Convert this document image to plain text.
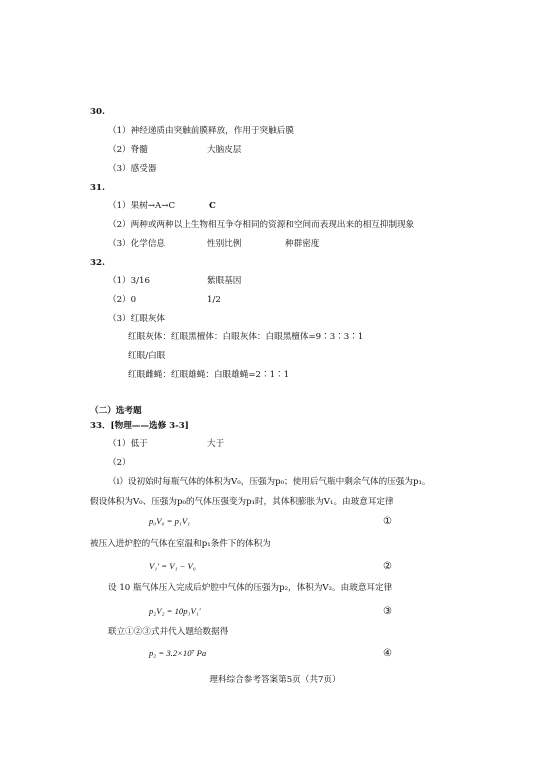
30.
（1）神经递质由突触前膜释放，作用于突触后膜
（2）脊髓	大脑皮层
（3）感受器
31.
（1）果树→A→C	C
（2）两种或两种以上生物相互争夺相同的资源和空间而表现出来的相互抑制现象
（3）化学信息	性别比例	种群密度
32.
（1）3/16	紫眼基因
（2）0	1/2
（3）红眼灰体
红眼灰体：红眼黑檀体：白眼灰体：白眼黑檀体=9∶3∶3∶1
红眼/白眼
红眼雌蝇：红眼雄蝇：白眼雄蝇=2∶1∶1
（二）选考题
33．[物理——选修 3-3]
（1）低于	大于
（2）
（i）设初始时每瓶气体的体积为V₀，压强为p₀；使用后气瓶中剩余气体的压强为p₁。
假设体积为V₀、压强为p₀的气体压强变为p₁时，其体积膨胀为V₁。由玻意耳定律
p₀V₀ = p₁V₁	①
被压入进炉腔的气体在室温和p₁条件下的体积为
V₁′ = V₁ − V₀	②
设 10 瓶气体压入完成后炉腔中气体的压强为p₂，体积为V₂。由玻意耳定律
p₂V₂ = 10p₁V₁′	③
联立①②③式并代入题给数据得
p₂ = 3.2×10⁷ Pa	④
理科综合参考答案第5页（共7页）
